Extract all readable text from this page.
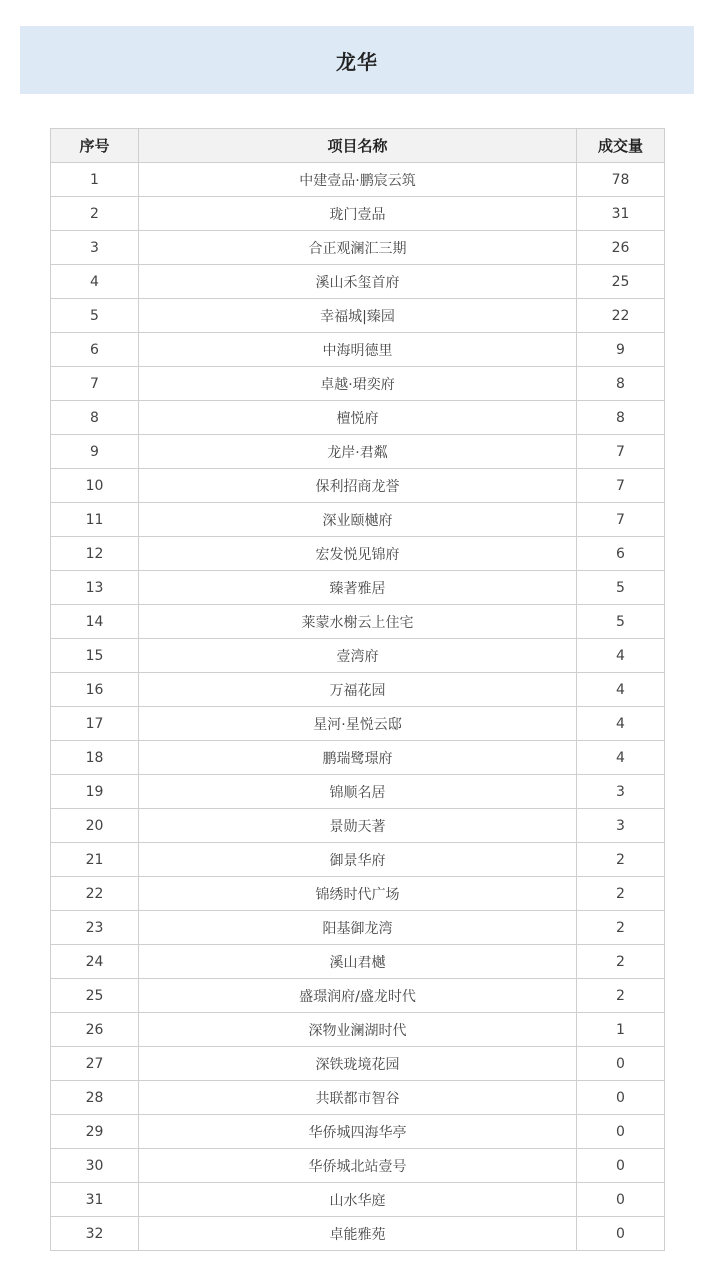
龙华
序号	项目名称	成交量
1	中建壹品·鹏宸云筑	78
2	珑门壹品	31
3	合正观澜汇三期	26
4	溪山禾玺首府	25
5	幸福城|臻园	22
6	中海明德里	9
7	卓越·珺奕府	8
8	檀悦府	8
9	龙岸·君粼	7
10	保利招商龙誉	7
11	深业颐樾府	7
12	宏发悦见锦府	6
13	臻著雅居	5
14	莱蒙水榭云上住宅	5
15	壹湾府	4
16	万福花园	4
17	星河·星悦云邸	4
18	鹏瑞鹭璟府	4
19	锦顺名居	3
20	景勋天著	3
21	御景华府	2
22	锦绣时代广场	2
23	阳基御龙湾	2
24	溪山君樾	2
25	盛璟润府/盛龙时代	2
26	深物业澜湖时代	1
27	深铁珑境花园	0
28	共联都市智谷	0
29	华侨城四海华亭	0
30	华侨城北站壹号	0
31	山水华庭	0
32	卓能雅苑	0
